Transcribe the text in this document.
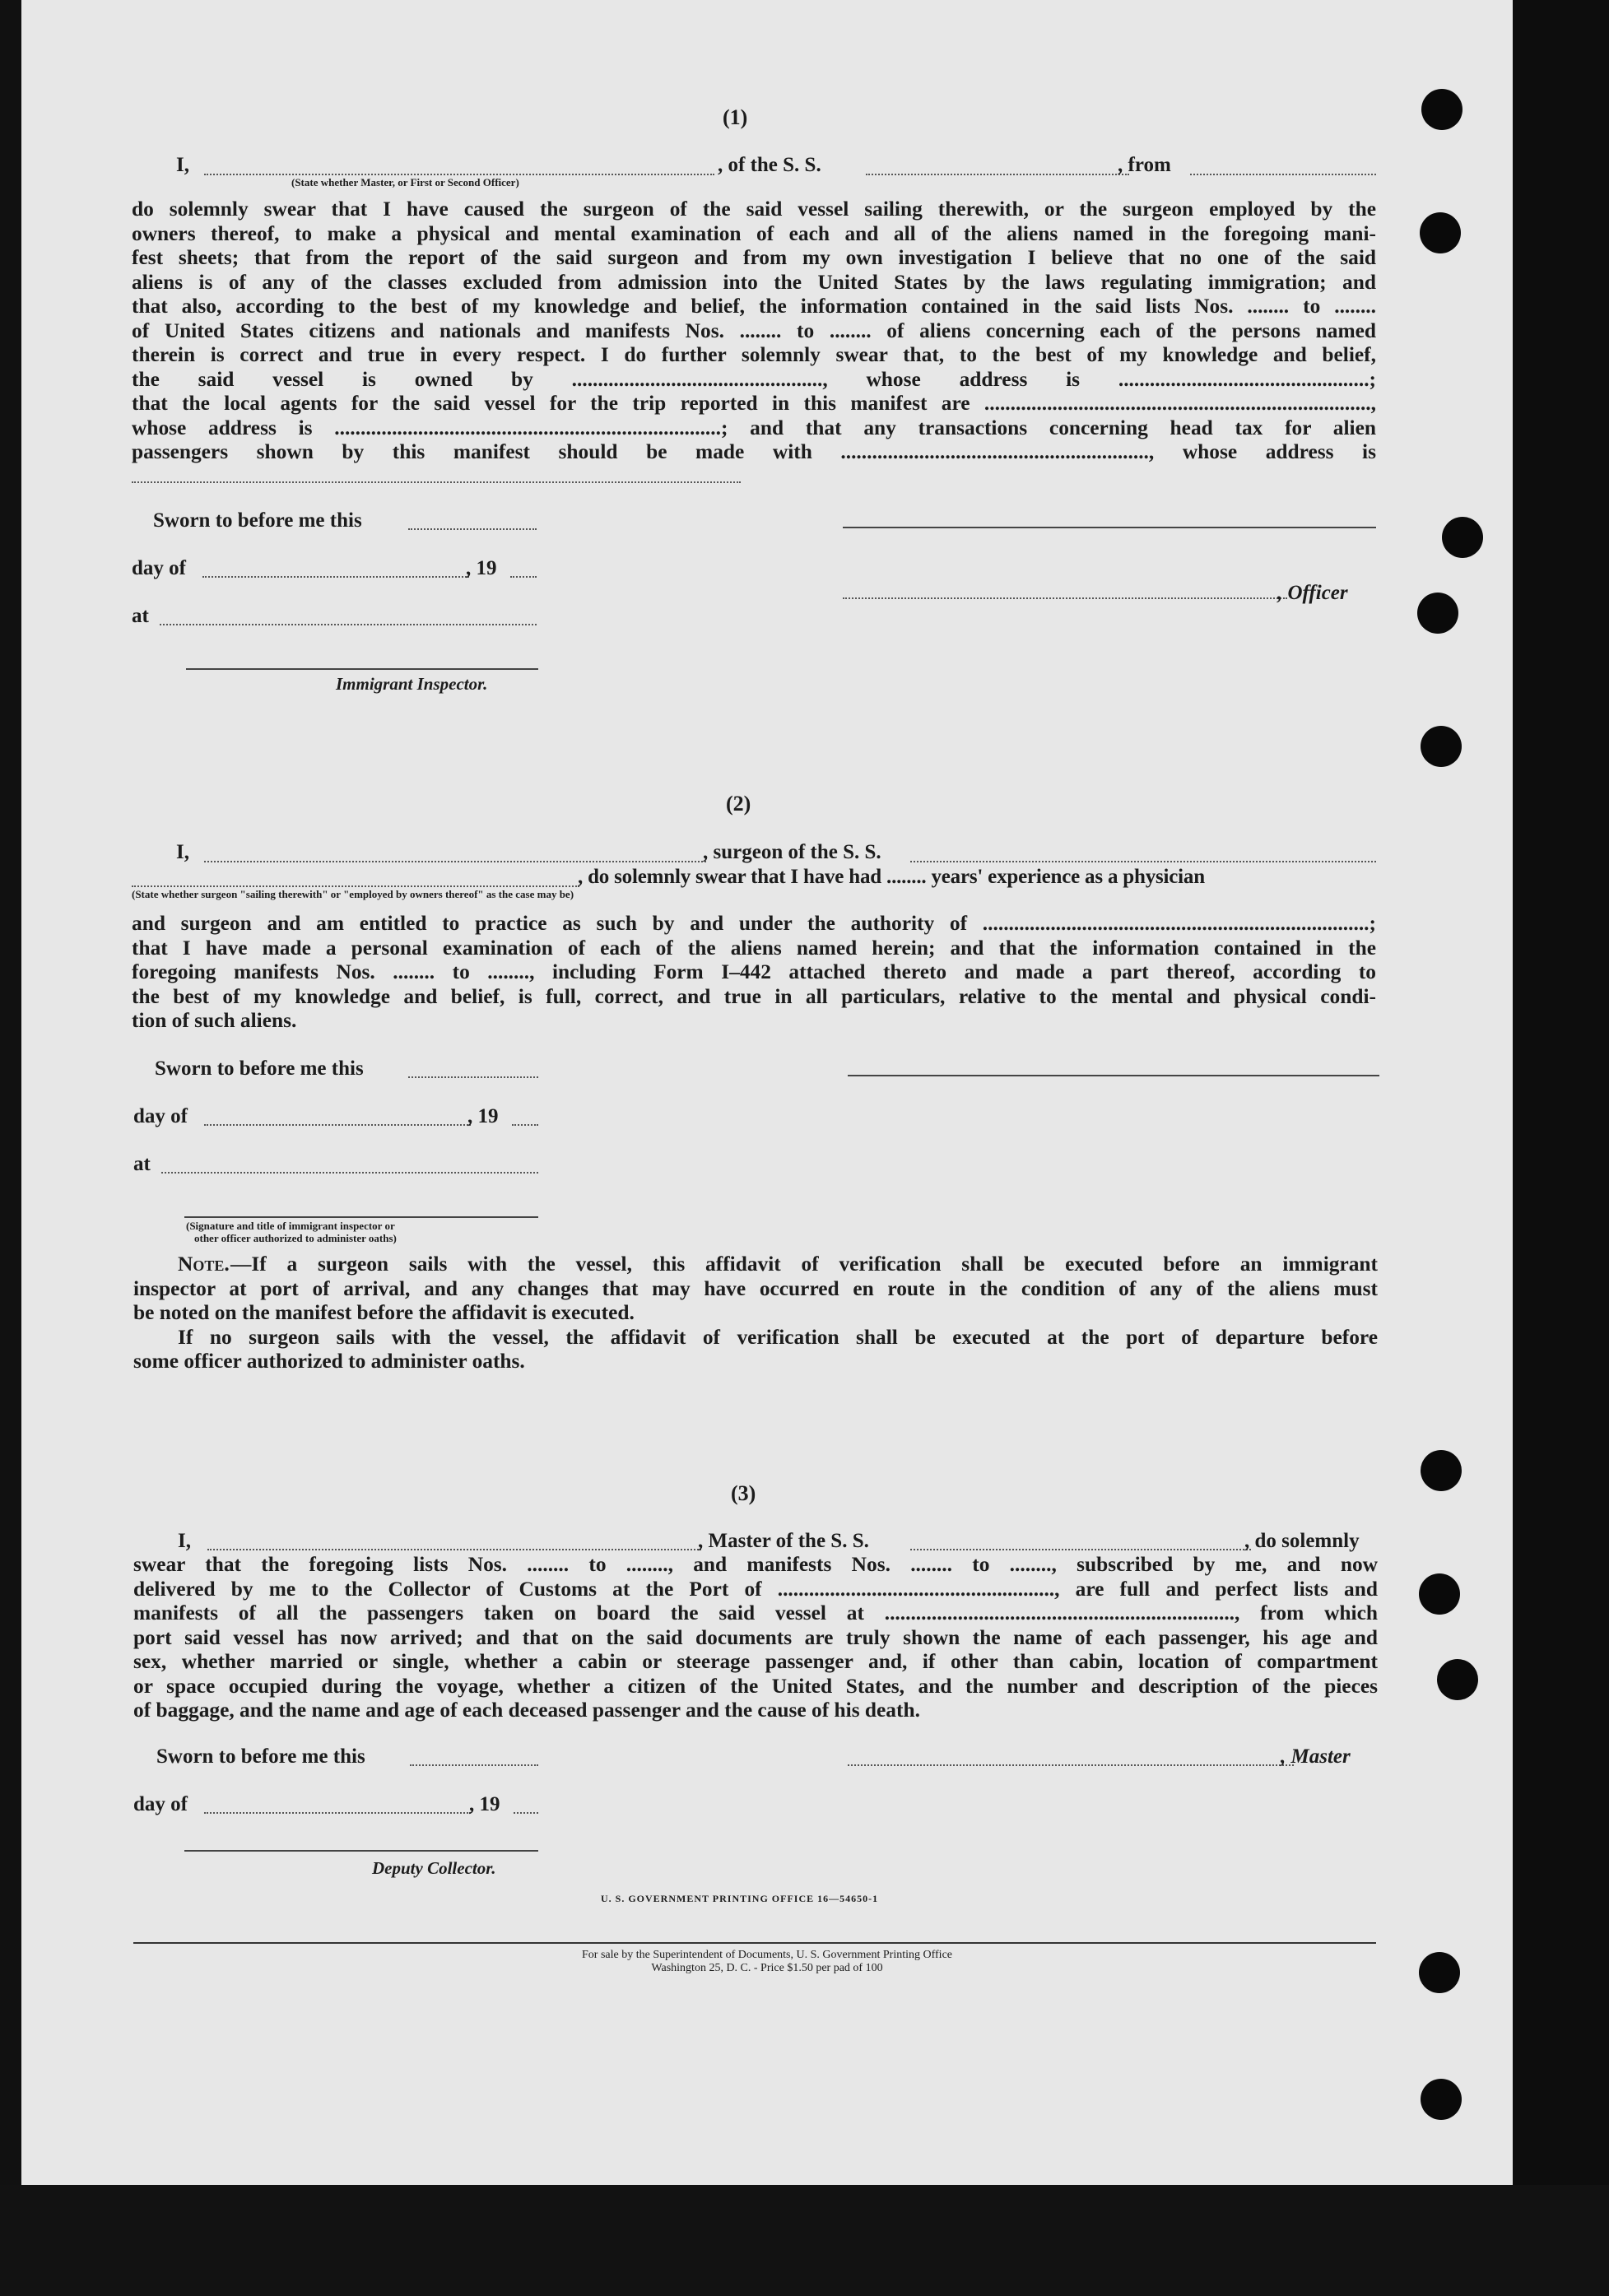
(1)
I,	, of the S. S.	, from
(State whether Master, or First or Second Officer)
do solemnly swear that I have caused the surgeon of the said vessel sailing therewith, or the surgeon employed by the
owners thereof, to make a physical and mental examination of each and all of the aliens named in the foregoing mani-
fest sheets; that from the report of the said surgeon and from my own investigation I believe that no one of the said
aliens is of any of the classes excluded from admission into the United States by the laws regulating immigration; and
that also, according to the best of my knowledge and belief, the information contained in the said lists Nos. ........ to ........
of United States citizens and nationals and manifests Nos. ........ to ........ of aliens concerning each of the persons named
therein is correct and true in every respect. I do further solemnly swear that, to the best of my knowledge and belief,
the said vessel is owned by ................................................, whose address is ................................................;
that the local agents for the said vessel for the trip reported in this manifest are ..........................................................................,
whose address is ..........................................................................; and that any transactions concerning head tax for alien
passengers shown by this manifest should be made with ..........................................................., whose address is
Sworn to before me this
day of	, 19
, Officer
at
Immigrant Inspector.
(2)
I,	, surgeon of the S. S.
, do solemnly swear that I have had ........ years' experience as a physician
(State whether surgeon "sailing therewith" or "employed by owners thereof" as the case may be)
and surgeon and am entitled to practice as such by and under the authority of ..........................................................................;
that I have made a personal examination of each of the aliens named herein; and that the information contained in the
foregoing manifests Nos. ........ to ........, including Form I–442 attached thereto and made a part thereof, according to
the best of my knowledge and belief, is full, correct, and true in all particulars, relative to the mental and physical condi-
tion of such aliens.
Sworn to before me this
day of	, 19
at
(Signature and title of immigrant inspector or
other officer authorized to administer oaths)
Note. —If a surgeon sails with the vessel, this affidavit of verification shall be executed before an immigrant
inspector at port of arrival, and any changes that may have occurred en route in the condition of any of the aliens must
be noted on the manifest before the affidavit is executed.
If no surgeon sails with the vessel, the affidavit of verification shall be executed at the port of departure before
some officer authorized to administer oaths.
(3)
I,	, Master of the S. S.	, do solemnly
swear that the foregoing lists Nos. ........ to ........, and manifests Nos. ........ to ........, subscribed by me, and now
delivered by me to the Collector of Customs at the Port of ....................................................., are full and perfect lists and
manifests of all the passengers taken on board the said vessel at ..................................................................., from which
port said vessel has now arrived; and that on the said documents are truly shown the name of each passenger, his age and
sex, whether married or single, whether a cabin or steerage passenger and, if other than cabin, location of compartment
or space occupied during the voyage, whether a citizen of the United States, and the number and description of the pieces
of baggage, and the name and age of each deceased passenger and the cause of his death.
Sworn to before me this	, Master
day of	, 19
Deputy Collector.
U. S. GOVERNMENT PRINTING OFFICE 16—54650-1
For sale by the Superintendent of Documents, U. S. Government Printing Office
Washington 25, D. C. - Price $1.50 per pad of 100
